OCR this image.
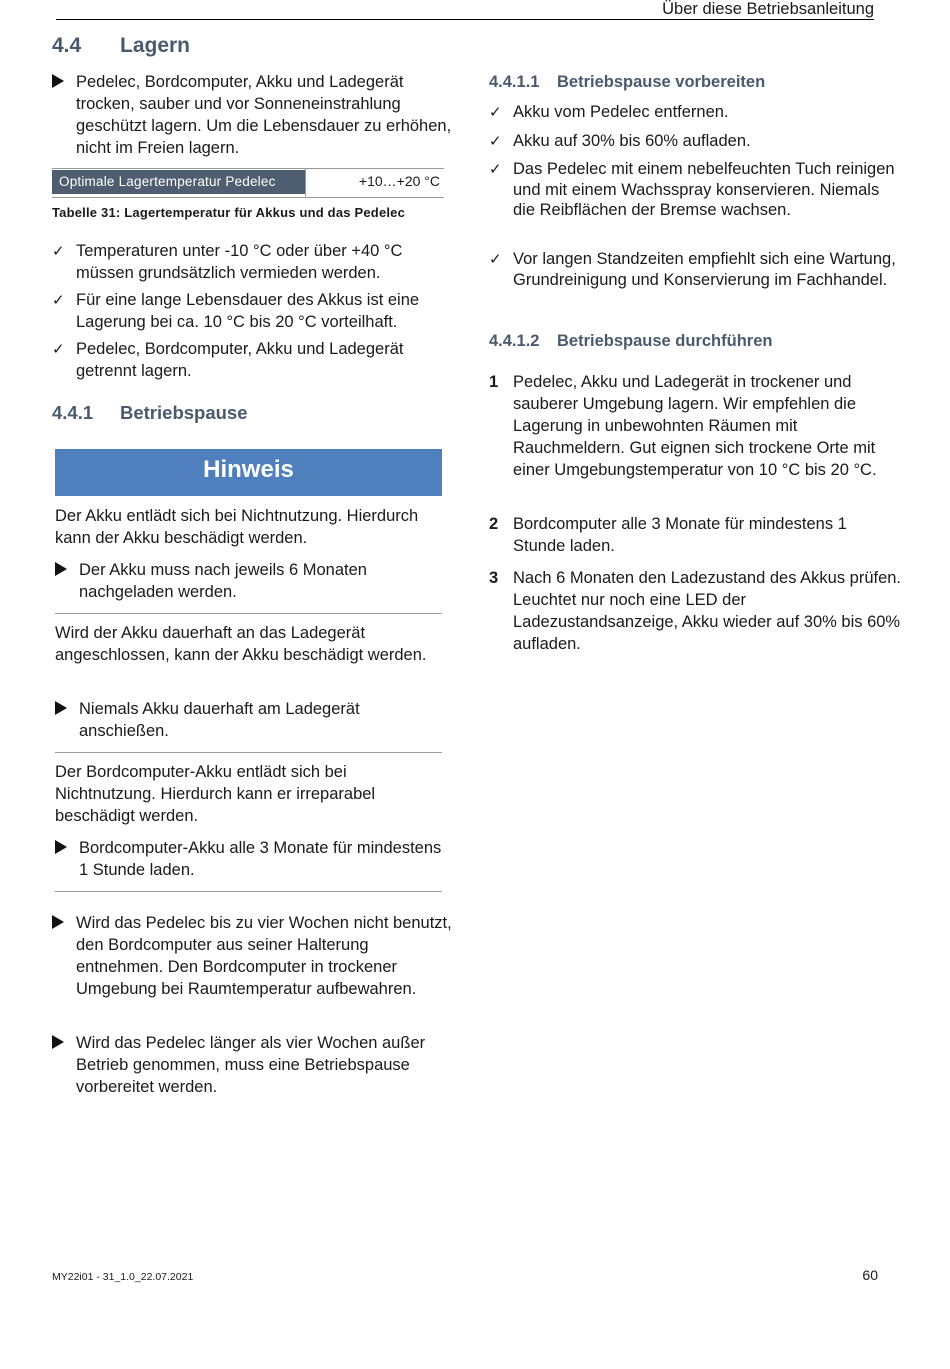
Über diese Betriebsanleitung
4.4 Lagern
Pedelec, Bordcomputer, Akku und Ladegerät trocken, sauber und vor Sonneneinstrahlung geschützt lagern. Um die Lebensdauer zu erhöhen, nicht im Freien lagern.
Optimale Lagertemperatur Pedelec	+10…+20 °C
Tabelle 31: Lagertemperatur für Akkus und das Pedelec
✓ Temperaturen unter -10 °C oder über +40 °C müssen grundsätzlich vermieden werden.
✓ Für eine lange Lebensdauer des Akkus ist eine Lagerung bei ca. 10 °C bis 20 °C vorteilhaft.
✓ Pedelec, Bordcomputer, Akku und Ladegerät getrennt lagern.
4.4.1 Betriebspause
Hinweis
Der Akku entlädt sich bei Nichtnutzung. Hierdurch kann der Akku beschädigt werden.
Der Akku muss nach jeweils 6 Monaten nachgeladen werden.
Wird der Akku dauerhaft an das Ladegerät angeschlossen, kann der Akku beschädigt werden.
Niemals Akku dauerhaft am Ladegerät anschießen.
Der Bordcomputer-Akku entlädt sich bei Nichtnutzung. Hierdurch kann er irreparabel beschädigt werden.
Bordcomputer-Akku alle 3 Monate für mindestens 1 Stunde laden.
Wird das Pedelec bis zu vier Wochen nicht benutzt, den Bordcomputer aus seiner Halterung entnehmen. Den Bordcomputer in trockener Umgebung bei Raumtemperatur aufbewahren.
Wird das Pedelec länger als vier Wochen außer Betrieb genommen, muss eine Betriebspause vorbereitet werden.
4.4.1.1 Betriebspause vorbereiten
✓ Akku vom Pedelec entfernen.
✓ Akku auf 30% bis 60% aufladen.
✓ Das Pedelec mit einem nebelfeuchten Tuch reinigen und mit einem Wachsspray konservieren. Niemals die Reibflächen der Bremse wachsen.
✓ Vor langen Standzeiten empfiehlt sich eine Wartung, Grundreinigung und Konservierung im Fachhandel.
4.4.1.2 Betriebspause durchführen
1 Pedelec, Akku und Ladegerät in trockener und sauberer Umgebung lagern. Wir empfehlen die Lagerung in unbewohnten Räumen mit Rauchmeldern. Gut eignen sich trockene Orte mit einer Umgebungstemperatur von 10 °C bis 20 °C.
2 Bordcomputer alle 3 Monate für mindestens 1 Stunde laden.
3 Nach 6 Monaten den Ladezustand des Akkus prüfen. Leuchtet nur noch eine LED der Ladezustandsanzeige, Akku wieder auf 30% bis 60% aufladen.
MY22i01 - 31_1.0_22.07.2021	60
